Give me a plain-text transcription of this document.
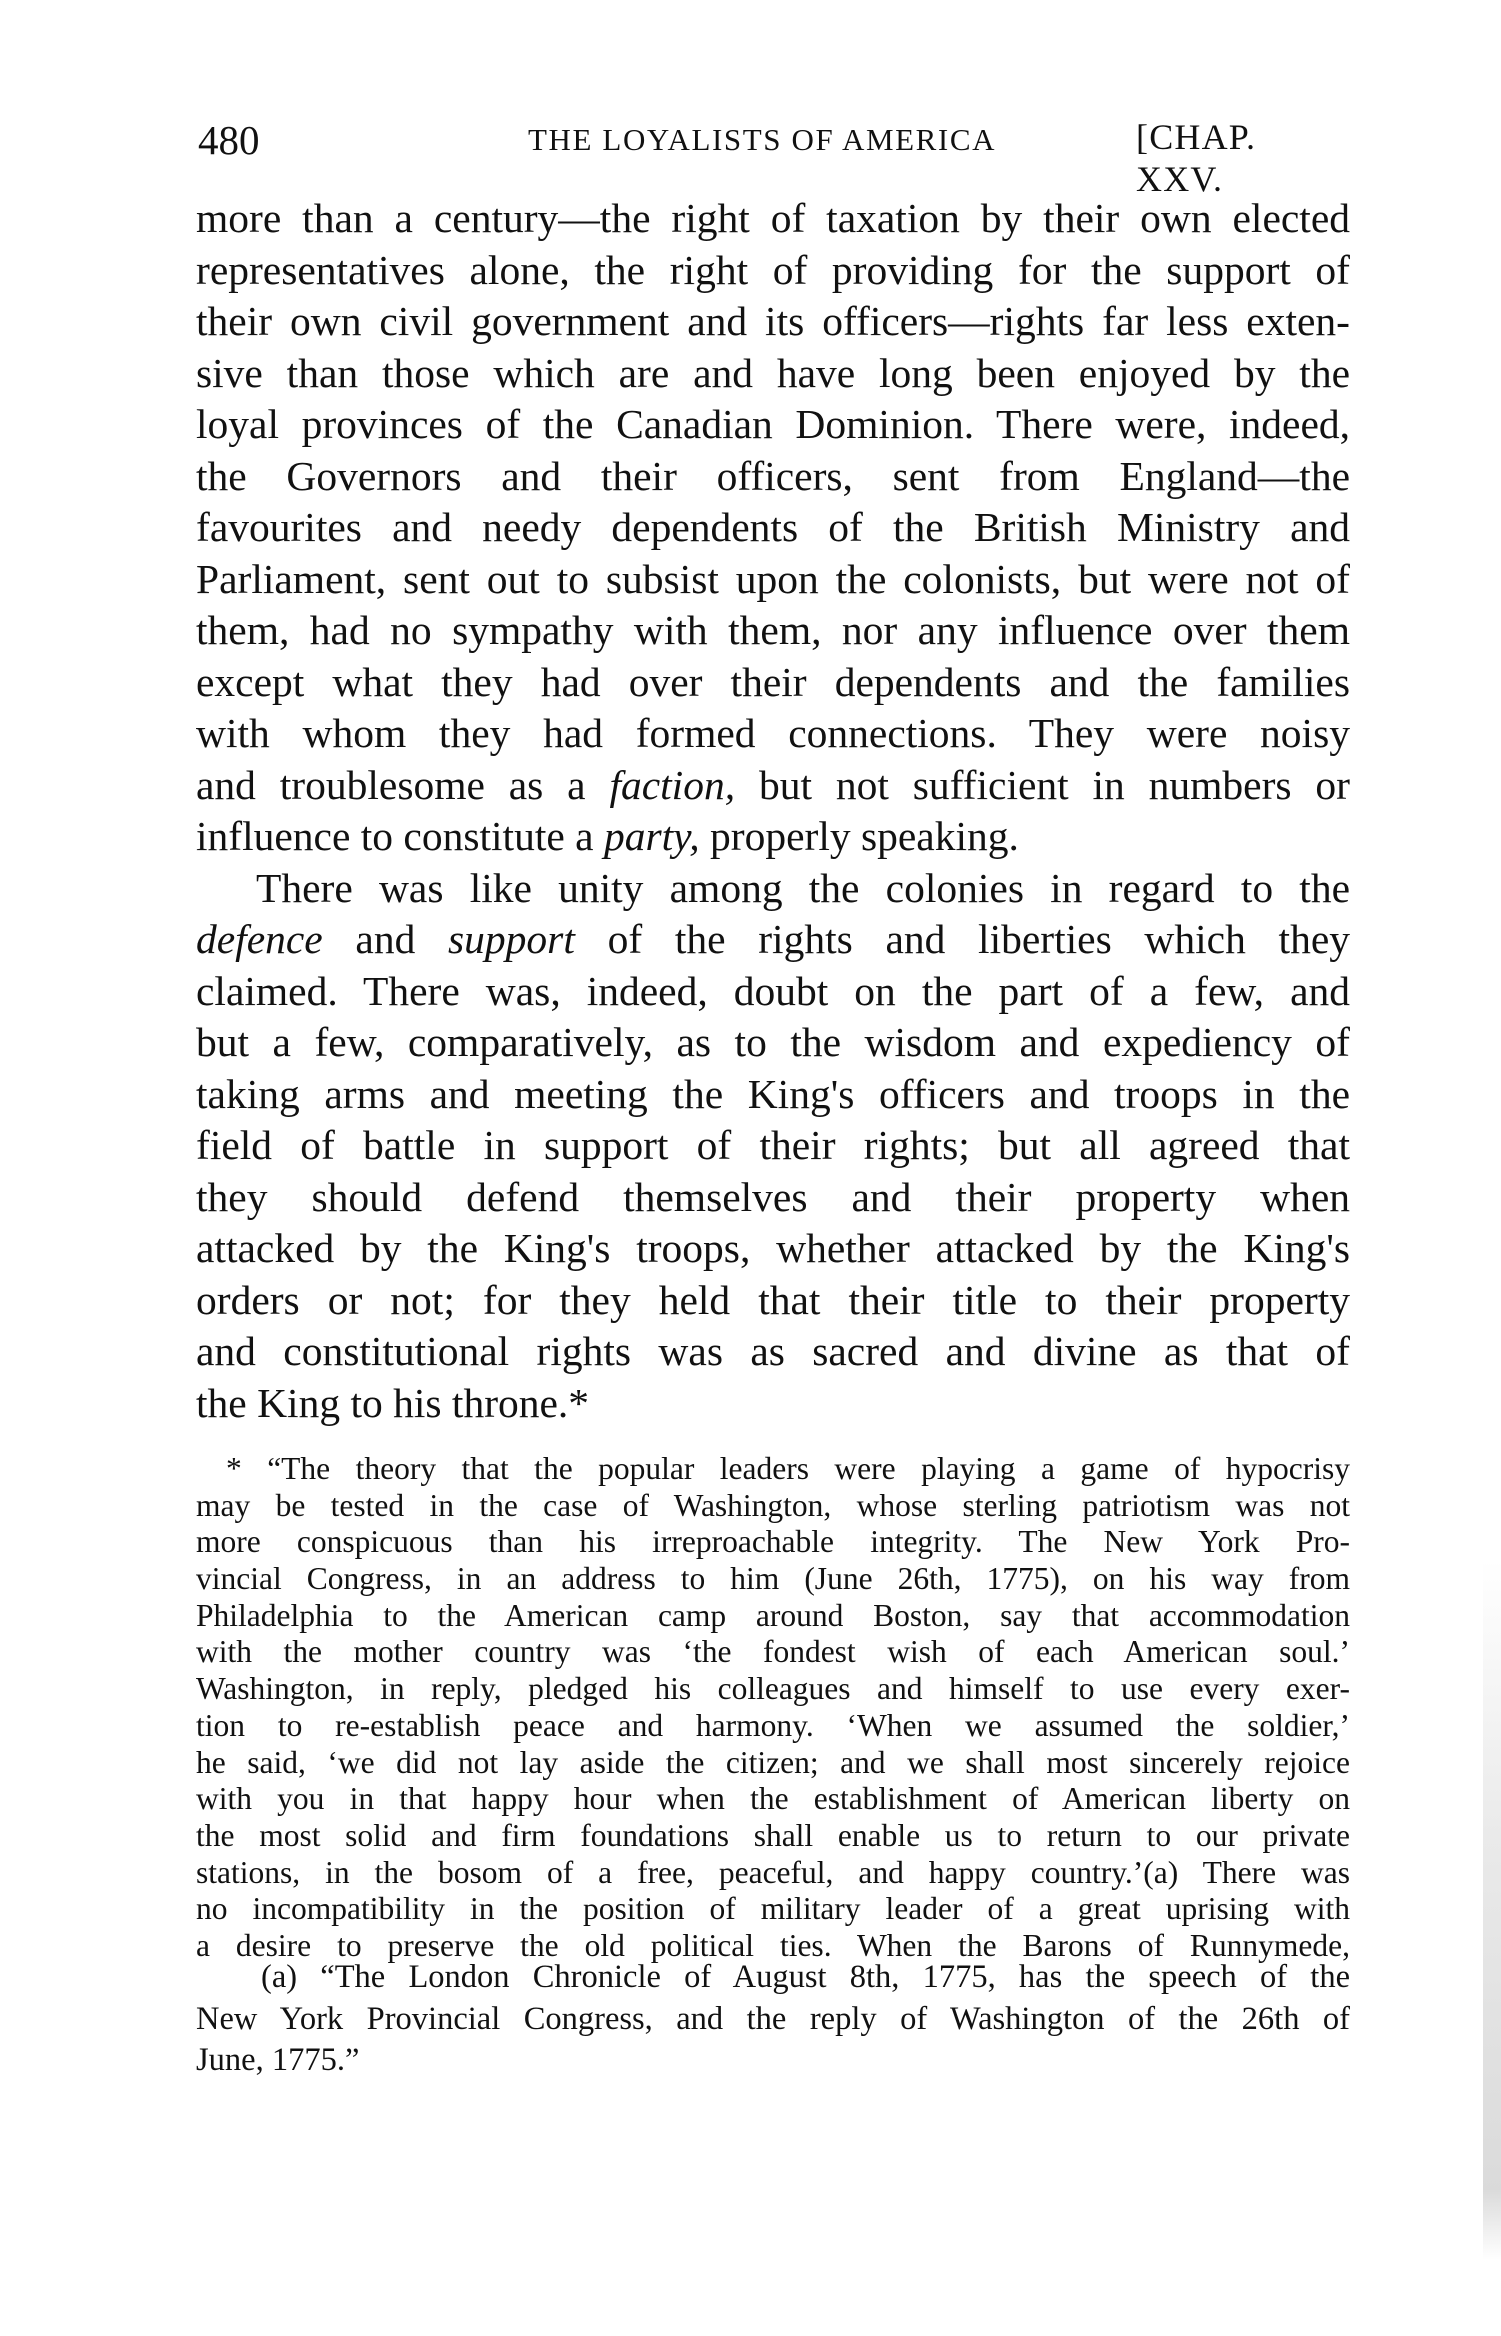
480	THE LOYALISTS OF AMERICA	[CHAP. XXV.

more than a century—the right of taxation by their own elected
representatives alone, the right of providing for the support of
their own civil government and its officers—rights far less exten-
sive than those which are and have long been enjoyed by the
loyal provinces of the Canadian Dominion. There were, indeed,
the Governors and their officers, sent from England—the
favourites and needy dependents of the British Ministry and
Parliament, sent out to subsist upon the colonists, but were not of
them, had no sympathy with them, nor any influence over them
except what they had over their dependents and the families
with whom they had formed connections. They were noisy
and troublesome as a faction, but not sufficient in numbers or
influence to constitute a party, properly speaking.

There was like unity among the colonies in regard to the
defence and support of the rights and liberties which they
claimed. There was, indeed, doubt on the part of a few, and
but a few, comparatively, as to the wisdom and expediency of
taking arms and meeting the King's officers and troops in the
field of battle in support of their rights; but all agreed that
they should defend themselves and their property when
attacked by the King's troops, whether attacked by the King's
orders or not; for they held that their title to their property
and constitutional rights was as sacred and divine as that of
the King to his throne.*

* “The theory that the popular leaders were playing a game of hypocrisy
may be tested in the case of Washington, whose sterling patriotism was not
more conspicuous than his irreproachable integrity. The New York Pro-
vincial Congress, in an address to him (June 26th, 1775), on his way from
Philadelphia to the American camp around Boston, say that accommodation
with the mother country was ‘the fondest wish of each American soul.’
Washington, in reply, pledged his colleagues and himself to use every exer-
tion to re-establish peace and harmony. ‘When we assumed the soldier,’
he said, ‘we did not lay aside the citizen; and we shall most sincerely rejoice
with you in that happy hour when the establishment of American liberty on
the most solid and firm foundations shall enable us to return to our private
stations, in the bosom of a free, peaceful, and happy country.’(a) There was
no incompatibility in the position of military leader of a great uprising with
a desire to preserve the old political ties. When the Barons of Runnymede,
(a) “The London Chronicle of August 8th, 1775, has the speech of the
New York Provincial Congress, and the reply of Washington of the 26th of
June, 1775.”
